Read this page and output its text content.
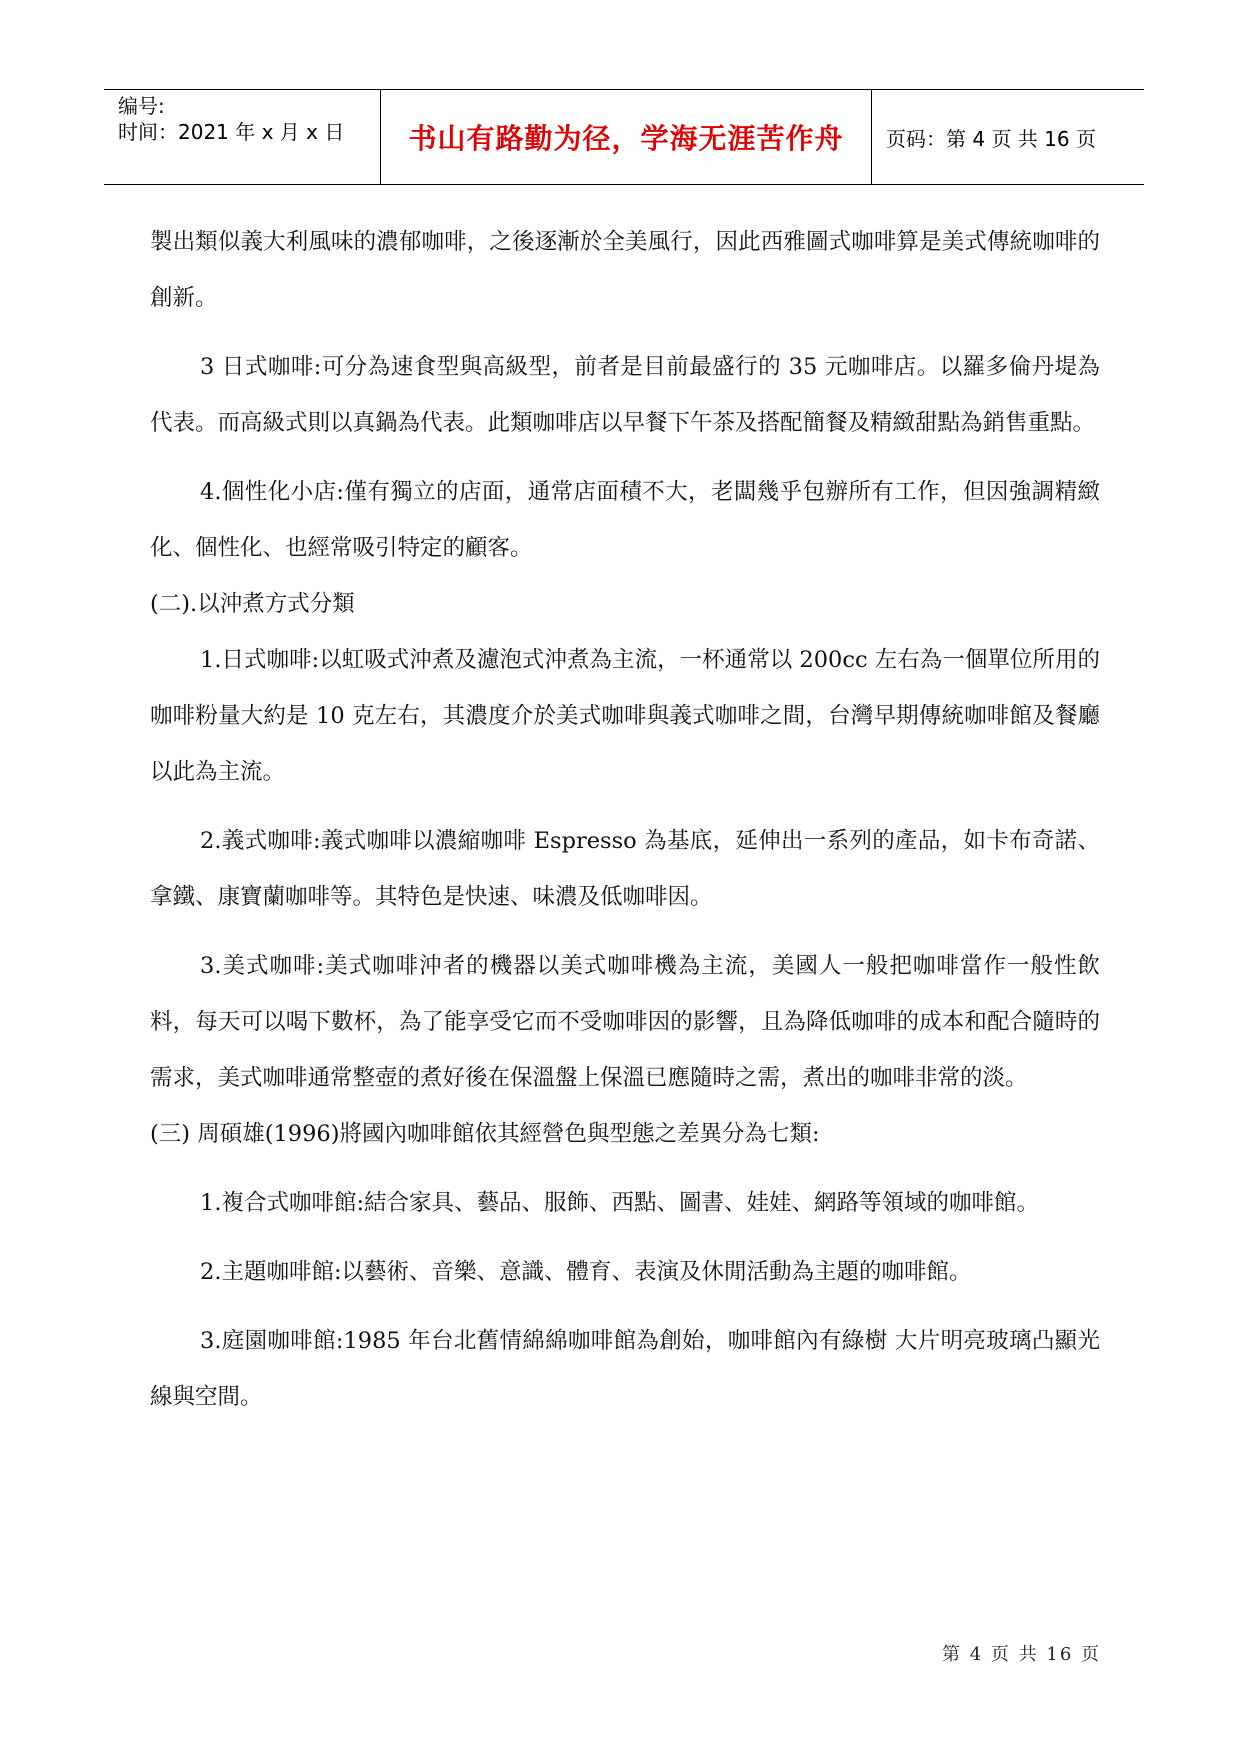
编号:
时间：2021 年 x 月 x 日	书山有路勤为径，学海无涯苦作舟	页码：第 4 页 共 16 页

製出類似義大利風味的濃郁咖啡，之後逐漸於全美風行，因此西雅圖式咖啡算是美式傳統咖啡的創新。

3 日式咖啡:可分為速食型與高級型，前者是目前最盛行的 35 元咖啡店。以羅多倫丹堤為代表。而高級式則以真鍋為代表。此類咖啡店以早餐下午茶及搭配簡餐及精緻甜點為銷售重點。

4.個性化小店:僅有獨立的店面，通常店面積不大，老闆幾乎包辦所有工作，但因強調精緻化、個性化、也經常吸引特定的顧客。

(二).以沖煮方式分類

1.日式咖啡:以虹吸式沖煮及濾泡式沖煮為主流，一杯通常以 200cc 左右為一個單位所用的咖啡粉量大約是 10 克左右，其濃度介於美式咖啡與義式咖啡之間，台灣早期傳統咖啡館及餐廳以此為主流。

2.義式咖啡:義式咖啡以濃縮咖啡 Espresso 為基底，延伸出一系列的產品，如卡布奇諾、拿鐵、康寶蘭咖啡等。其特色是快速、味濃及低咖啡因。

3.美式咖啡:美式咖啡沖者的機器以美式咖啡機為主流，美國人一般把咖啡當作一般性飲料，每天可以喝下數杯，為了能享受它而不受咖啡因的影響，且為降低咖啡的成本和配合隨時的需求，美式咖啡通常整壺的煮好後在保溫盤上保溫已應隨時之需，煮出的咖啡非常的淡。

(三) 周碩雄(1996)將國內咖啡館依其經營色與型態之差異分為七類:

1.複合式咖啡館:結合家具、藝品、服飾、西點、圖書、娃娃、網路等領域的咖啡館。

2.主題咖啡館:以藝術、音樂、意識、體育、表演及休閒活動為主題的咖啡館。

3.庭園咖啡館:1985 年台北舊情綿綿咖啡館為創始，咖啡館內有綠樹 大片明亮玻璃凸顯光線與空間。

第 4 页 共 16 页
